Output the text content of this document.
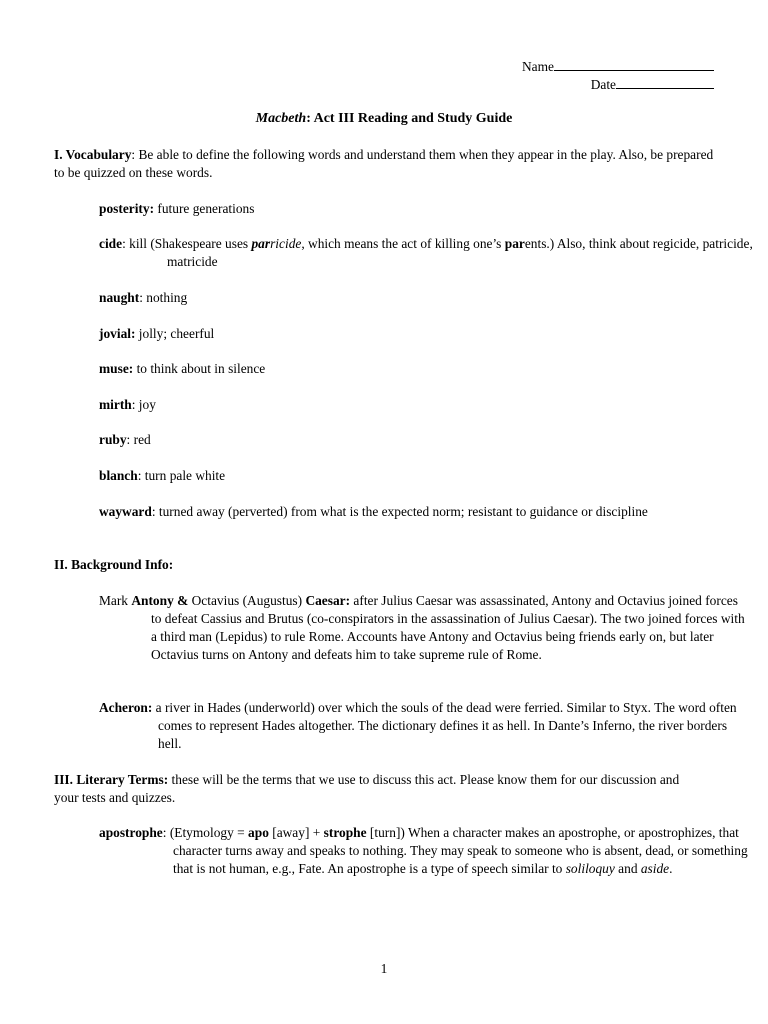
Name
Date
Macbeth: Act III Reading and Study Guide
I. Vocabulary: Be able to define the following words and understand them when they appear in the play. Also, be prepared to be quizzed on these words.
posterity: future generations
cide: kill (Shakespeare uses parricide, which means the act of killing one’s parents.) Also, think about regicide, patricide, matricide
naught: nothing
jovial: jolly; cheerful
muse: to think about in silence
mirth: joy
ruby: red
blanch: turn pale white
wayward: turned away (perverted) from what is the expected norm; resistant to guidance or discipline
II. Background Info:
Mark Antony & Octavius (Augustus) Caesar: after Julius Caesar was assassinated, Antony and Octavius joined forces to defeat Cassius and Brutus (co-conspirators in the assassination of Julius Caesar). The two joined forces with a third man (Lepidus) to rule Rome. Accounts have Antony and Octavius being friends early on, but later Octavius turns on Antony and defeats him to take supreme rule of Rome.
Acheron: a river in Hades (underworld) over which the souls of the dead were ferried. Similar to Styx. The word often comes to represent Hades altogether. The dictionary defines it as hell. In Dante’s Inferno, the river borders hell.
III. Literary Terms: these will be the terms that we use to discuss this act. Please know them for our discussion and your tests and quizzes.
apostrophe: (Etymology = apo [away] + strophe [turn]) When a character makes an apostrophe, or apostrophizes, that character turns away and speaks to nothing. They may speak to someone who is absent, dead, or something that is not human, e.g., Fate. An apostrophe is a type of speech similar to soliloquy and aside.
1
